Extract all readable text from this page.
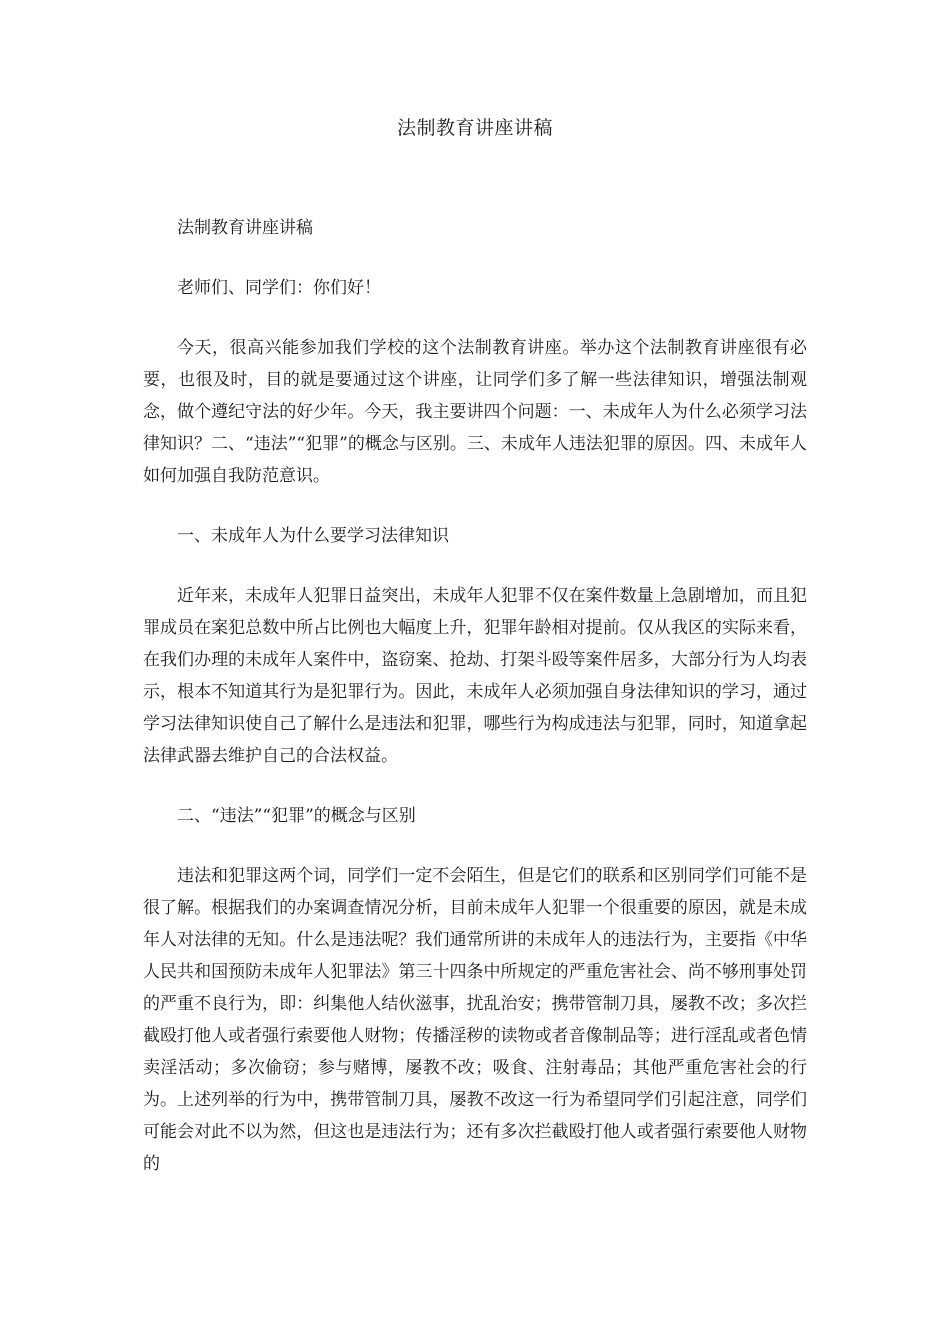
法制教育讲座讲稿

法制教育讲座讲稿

老师们、同学们：你们好！

今天，很高兴能参加我们学校的这个法制教育讲座。举办这个法制教育讲座很有必要，也很及时，目的就是要通过这个讲座，让同学们多了解一些法律知识，增强法制观念，做个遵纪守法的好少年。今天，我主要讲四个问题：一、未成年人为什么必须学习法律知识？二、“违法”“犯罪”的概念与区别。三、未成年人违法犯罪的原因。四、未成年人如何加强自我防范意识。

一、未成年人为什么要学习法律知识

近年来，未成年人犯罪日益突出，未成年人犯罪不仅在案件数量上急剧增加，而且犯罪成员在案犯总数中所占比例也大幅度上升，犯罪年龄相对提前。仅从我区的实际来看，在我们办理的未成年人案件中，盗窃案、抢劫、打架斗殴等案件居多，大部分行为人均表示，根本不知道其行为是犯罪行为。因此，未成年人必须加强自身法律知识的学习，通过学习法律知识使自己了解什么是违法和犯罪，哪些行为构成违法与犯罪，同时，知道拿起法律武器去维护自己的合法权益。

二、“违法”“犯罪”的概念与区别

违法和犯罪这两个词，同学们一定不会陌生，但是它们的联系和区别同学们可能不是很了解。根据我们的办案调查情况分析，目前未成年人犯罪一个很重要的原因，就是未成年人对法律的无知。什么是违法呢？我们通常所讲的未成年人的违法行为，主要指《中华人民共和国预防未成年人犯罪法》第三十四条中所规定的严重危害社会、尚不够刑事处罚的严重不良行为，即：纠集他人结伙滋事，扰乱治安；携带管制刀具，屡教不改；多次拦截殴打他人或者强行索要他人财物；传播淫秽的读物或者音像制品等；进行淫乱或者色情卖淫活动；多次偷窃；参与赌博，屡教不改；吸食、注射毒品；其他严重危害社会的行为。上述列举的行为中，携带管制刀具，屡教不改这一行为希望同学们引起注意，同学们可能会对此不以为然，但这也是违法行为；还有多次拦截殴打他人或者强行索要他人财物的
